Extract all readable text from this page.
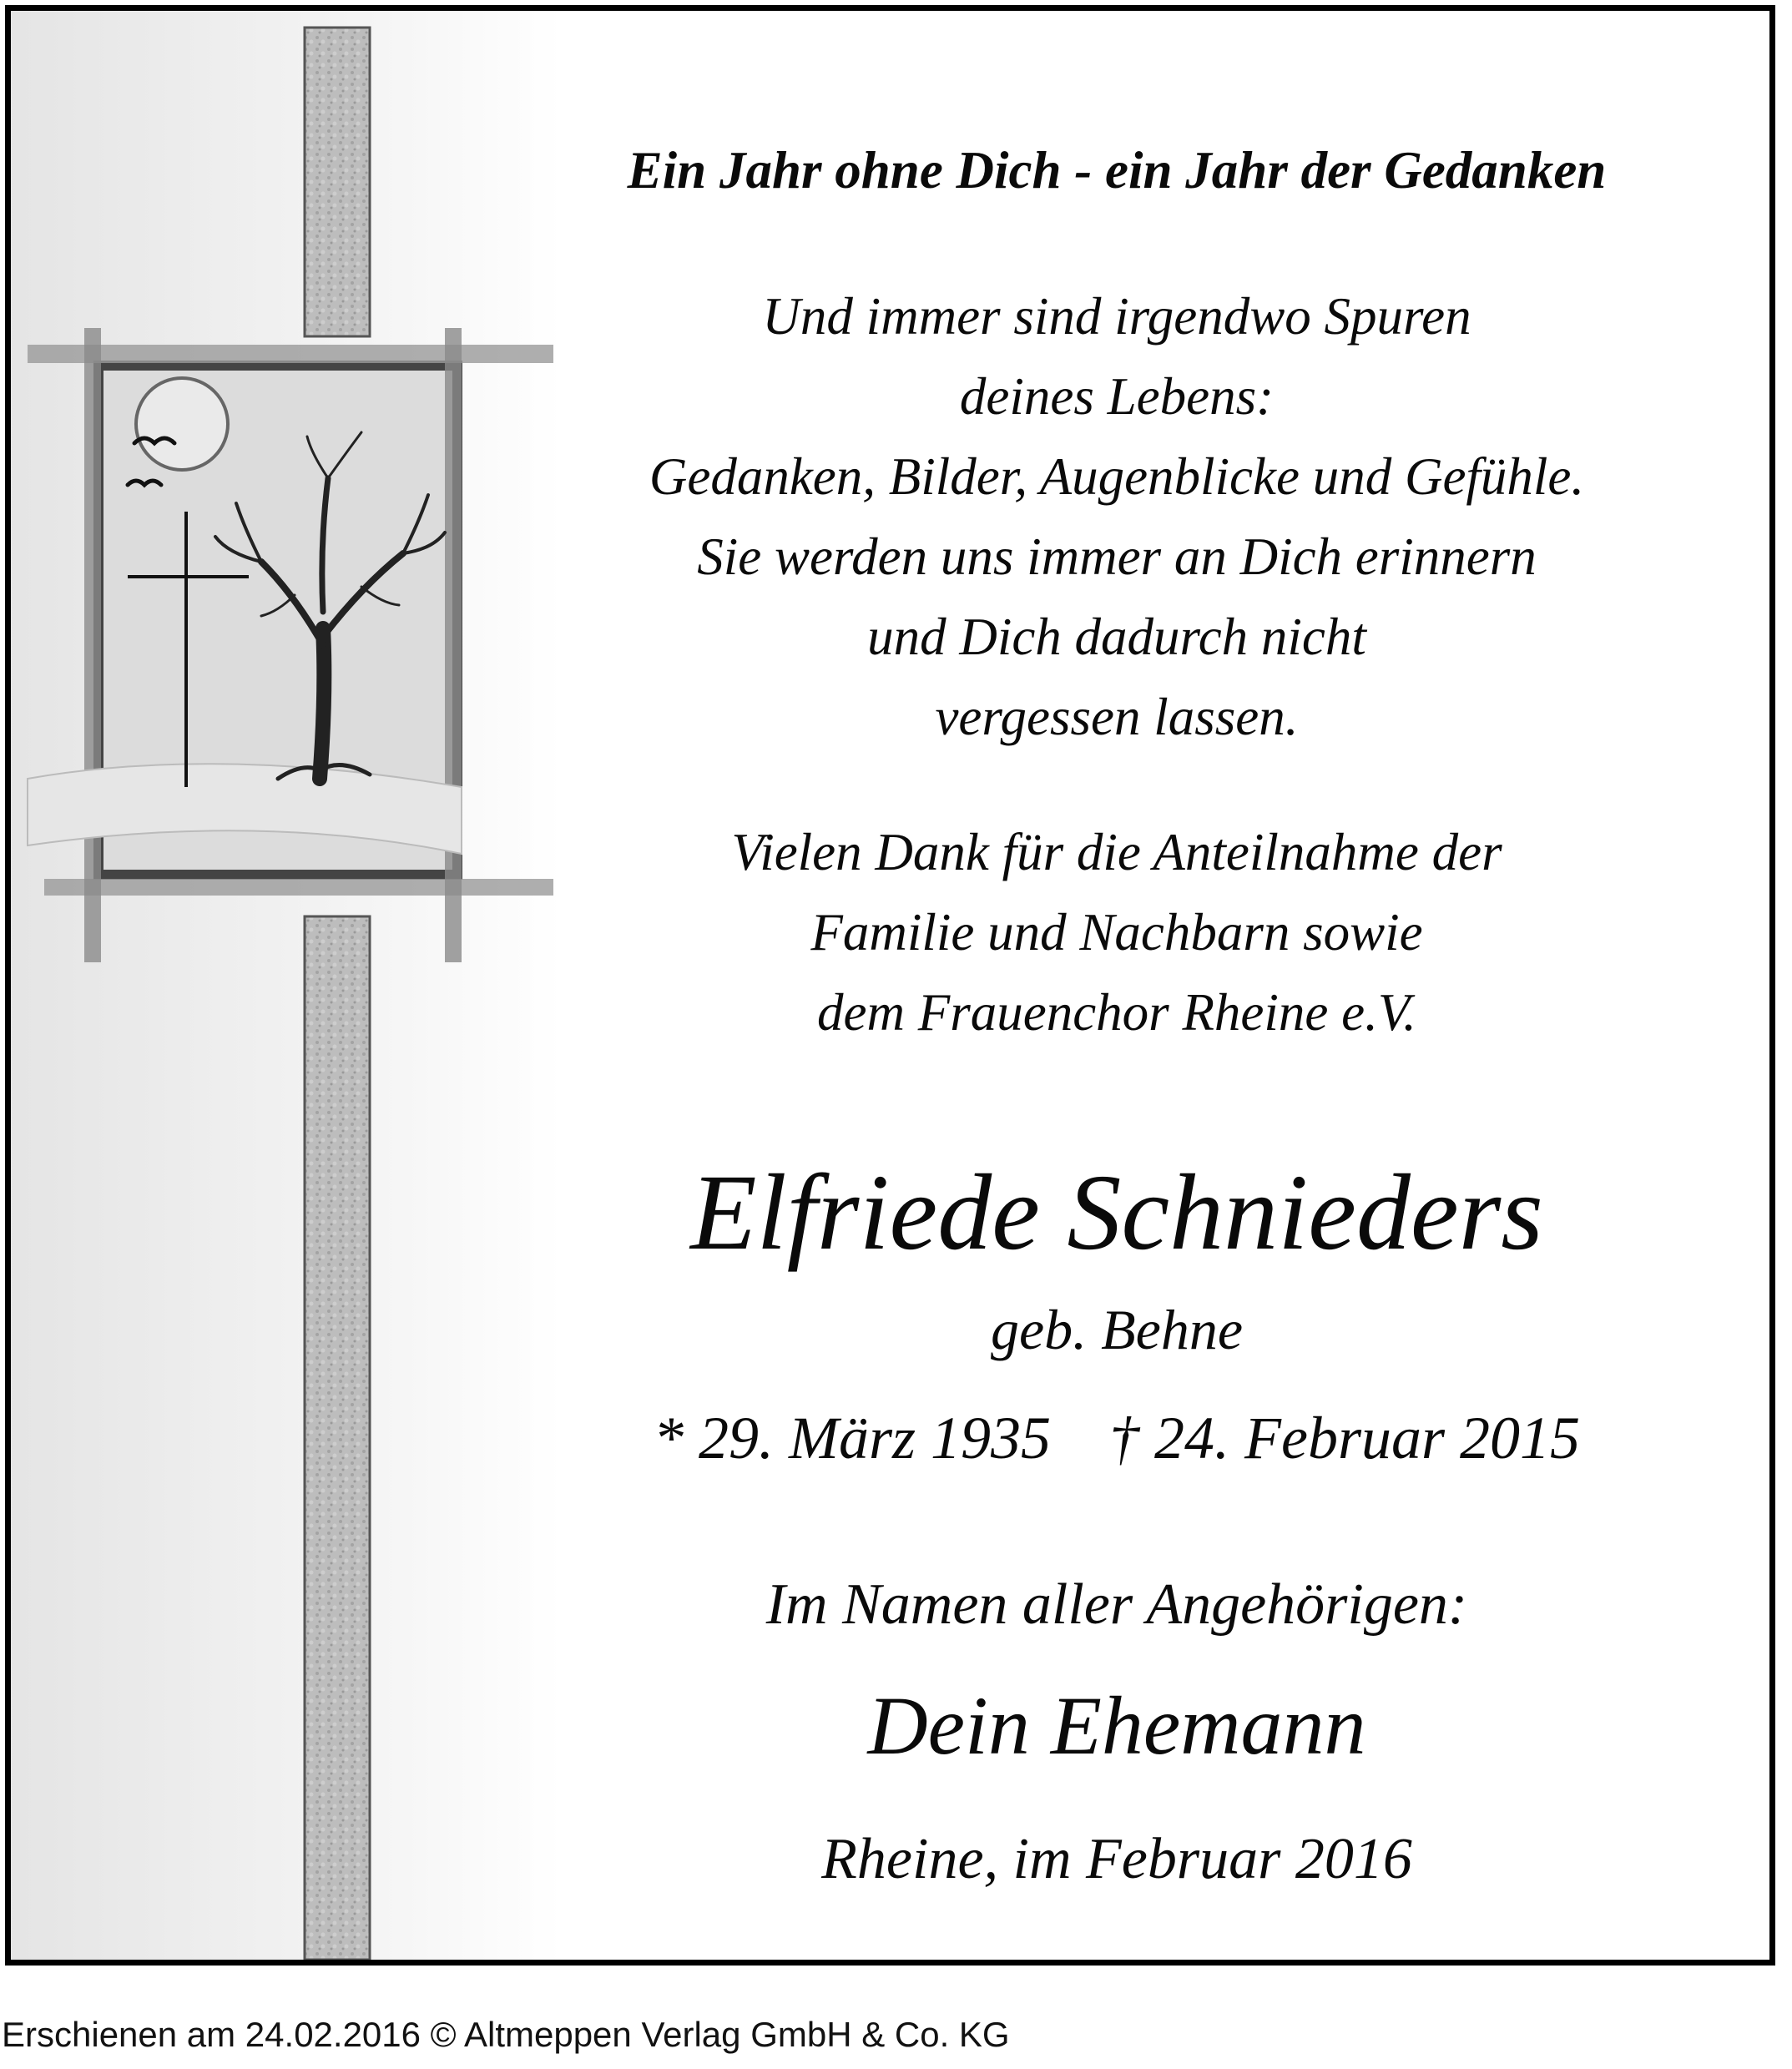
Ein Jahr ohne Dich - ein Jahr der Gedanken
Und immer sind irgendwo Spuren
deines Lebens:
Gedanken, Bilder, Augenblicke und Gefühle.
Sie werden uns immer an Dich erinnern
und Dich dadurch nicht
vergessen lassen.
Vielen Dank für die Anteilnahme der
Familie und Nachbarn sowie
dem Frauenchor Rheine e.V.
Elfriede Schnieders
geb. Behne
* 29. März 1935 † 24. Februar 2015
Im Namen aller Angehörigen:
Dein Ehemann
Rheine, im Februar 2016
Erschienen am 24.02.2016 © Altmeppen Verlag GmbH & Co. KG
